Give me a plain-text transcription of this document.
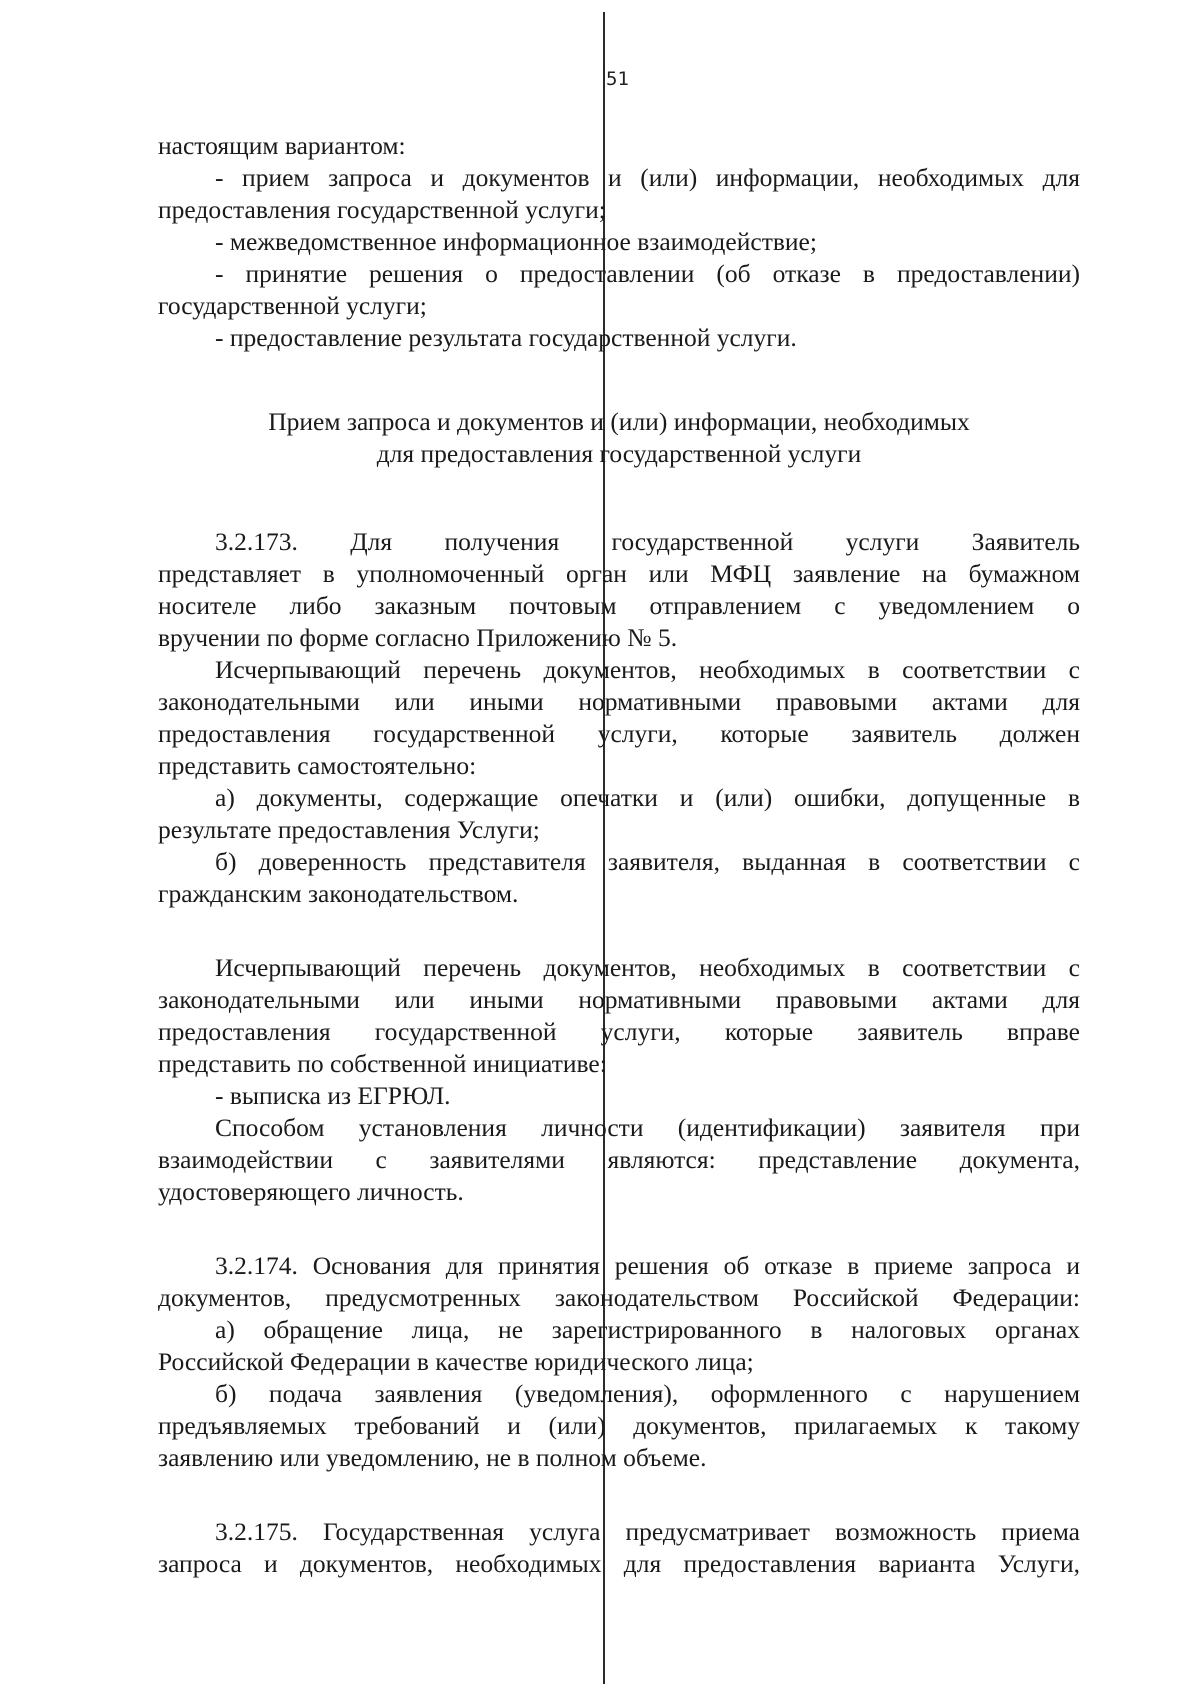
51

настоящим вариантом:

- прием запроса и документов и (или) информации, необходимых для

предоставления государственной услуги;

- межведомственное информационное взаимодействие;

- принятие решения о предоставлении (об отказе в предоставлении)

государственной услуги;

- предоставление результата государственной услуги.

Прием запроса и документов и (или) информации, необходимых

для предоставления государственной услуги

3.2.173. Для получения государственной услуги Заявитель

представляет в уполномоченный орган или МФЦ заявление на бумажном

носителе либо заказным почтовым отправлением с уведомлением о

вручении по форме согласно Приложению № 5.

Исчерпывающий перечень документов, необходимых в соответствии с

законодательными или иными нормативными правовыми актами для

предоставления государственной услуги, которые заявитель должен

представить самостоятельно:

а) документы, содержащие опечатки и (или) ошибки, допущенные в

результате предоставления Услуги;

б) доверенность представителя заявителя, выданная в соответствии с

гражданским законодательством.

Исчерпывающий перечень документов, необходимых в соответствии с

законодательными или иными нормативными правовыми актами для

предоставления государственной услуги, которые заявитель вправе

представить по собственной инициативе:

- выписка из ЕГРЮЛ.

Способом установления личности (идентификации) заявителя при

взаимодействии с заявителями являются: представление документа,

удостоверяющего личность.

3.2.174. Основания для принятия решения об отказе в приеме запроса и

документов, предусмотренных законодательством Российской Федерации:

а) обращение лица, не зарегистрированного в налоговых органах

Российской Федерации в качестве юридического лица;

б) подача заявления (уведомления), оформленного с нарушением

предъявляемых требований и (или) документов, прилагаемых к такому

заявлению или уведомлению, не в полном объеме.

3.2.175. Государственная услуга предусматривает возможность приема

запроса и документов, необходимых для предоставления варианта Услуги,
